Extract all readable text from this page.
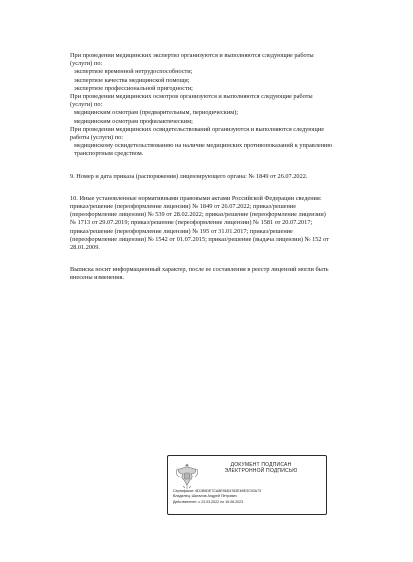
При проведении медицинских экспертиз организуются и выполняются следующие работы
(услуги) по:
экспертизе временной нетрудоспособности;
экспертизе качества медицинской помощи;
экспертизе профессиональной пригодности;
При проведении медицинских осмотров организуются и выполняются следующие работы
(услуги) по:
медицинским осмотрам (предварительным, периодическим);
медицинским осмотрам профилактическим;
При проведении медицинских освидетельствований организуются и выполняются следующие
работы (услуги) по:
медицинскому освидетельствованию на наличие медицинских противопоказаний к управлению
транспортным средством.
9. Номер и дата приказа (распоряжения) лицензирующего органа: № 1849 от 26.07.2022.
10. Иные установленные нормативными правовыми актами Российской Федерации сведения:
приказ/решение (переоформление лицензии) № 1849 от 26.07.2022; приказ/решение
(переоформление лицензии) № 539 от 28.02.2022; приказ/решение (переоформление лицензии)
№ 1713 от 29.07.2019; приказ/решение (переоформление лицензии) № 1581 от 20.07.2017;
приказ/решение (переоформление лицензии) № 195 от 31.01.2017; приказ/решение
(переоформление лицензии) № 1542 от 01.07.2015; приказ/решение (выдача лицензии) № 152 от
28.01.2009.
Выписка носит информационный характер, после ее составления в реестр лицензий могли быть
внесены изменения.
ДОКУМЕНТ ПОДПИСАН
ЭЛЕКТРОННОЙ ПОДПИСЬЮ
Сертификат: 6D1B5DE7CA8E96D4783E69E3C93A73
Владелец: Шаталов Андрей Петрович
Действителен: с 23.03.2022 по 16.06.2023
